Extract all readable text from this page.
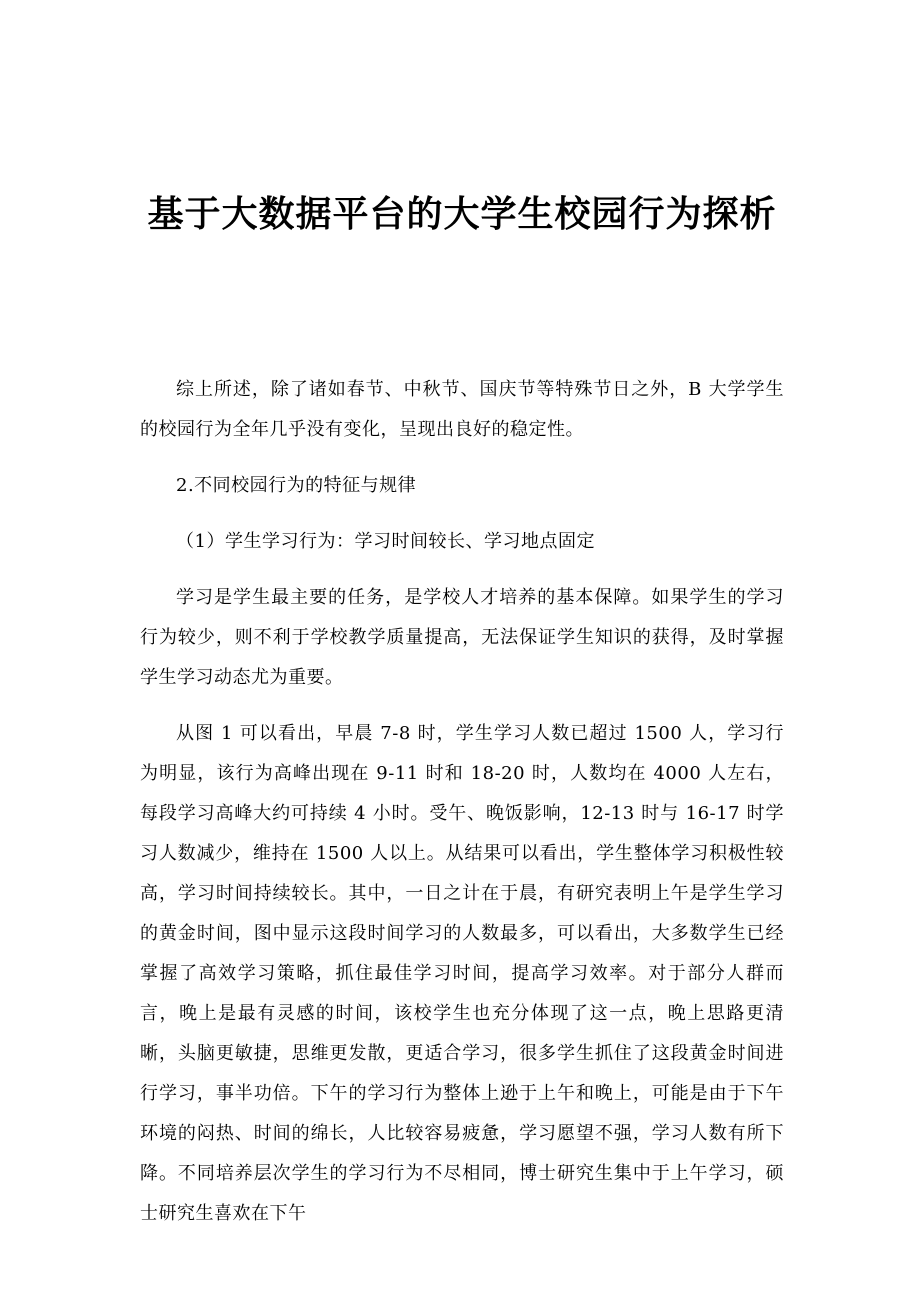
基于大数据平台的大学生校园行为探析

综上所述，除了诸如春节、中秋节、国庆节等特殊节日之外，B 大学学生的校园行为全年几乎没有变化，呈现出良好的稳定性。

2.不同校园行为的特征与规律

（1）学生学习行为：学习时间较长、学习地点固定

学习是学生最主要的任务，是学校人才培养的基本保障。如果学生的学习行为较少，则不利于学校教学质量提高，无法保证学生知识的获得，及时掌握学生学习动态尤为重要。

从图 1 可以看出，早晨 7-8 时，学生学习人数已超过 1500 人，学习行为明显，该行为高峰出现在 9-11 时和 18-20 时，人数均在 4000 人左右，每段学习高峰大约可持续 4 小时。受午、晚饭影响，12-13 时与 16-17 时学习人数减少，维持在 1500 人以上。从结果可以看出，学生整体学习积极性较高，学习时间持续较长。其中，一日之计在于晨，有研究表明上午是学生学习的黄金时间，图中显示这段时间学习的人数最多，可以看出，大多数学生已经掌握了高效学习策略，抓住最佳学习时间，提高学习效率。对于部分人群而言，晚上是最有灵感的时间，该校学生也充分体现了这一点，晚上思路更清晰，头脑更敏捷，思维更发散，更适合学习，很多学生抓住了这段黄金时间进行学习，事半功倍。下午的学习行为整体上逊于上午和晚上，可能是由于下午环境的闷热、时间的绵长，人比较容易疲惫，学习愿望不强，学习人数有所下降。不同培养层次学生的学习行为不尽相同，博士研究生集中于上午学习，硕士研究生喜欢在下午
